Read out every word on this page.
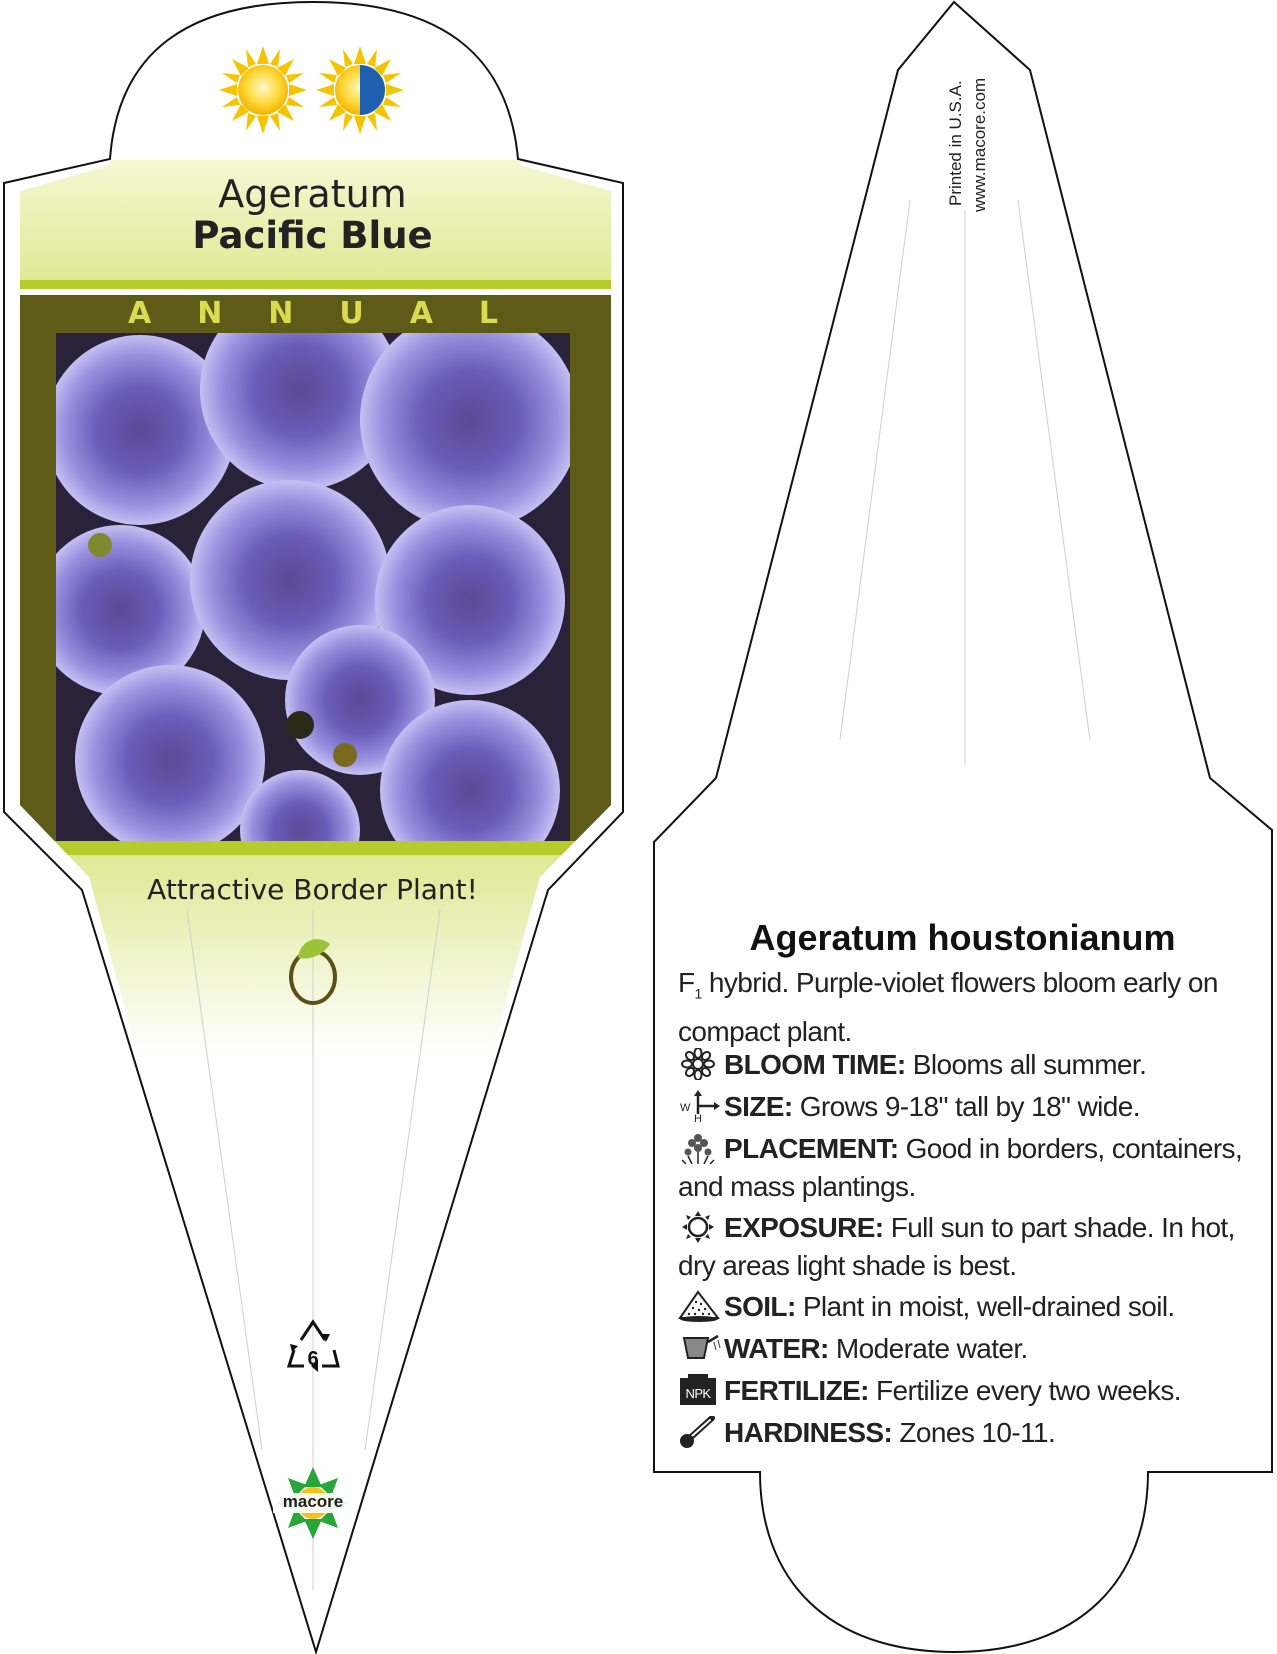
Ageratum
Pacific Blue
A N N U A L
Attractive Border Plant!
6
macore
Printed in U.S.A. www.macore.com
Ageratum houstonianum
$F_1$ hybrid. Purple-violet flowers bloom early on compact plant.
BLOOM TIME: Blooms all summer.
W
H SIZE: Grows 9-18" tall by 18" wide.
PLACEMENT: Good in borders, containers, and mass plantings.
EXPOSURE: Full sun to part shade. In hot, dry areas light shade is best.
SOIL: Plant in moist, well-drained soil.
WATER: Moderate water.
NPK FERTILIZE: Fertilize every two weeks.
HARDINESS: Zones 10-11.
